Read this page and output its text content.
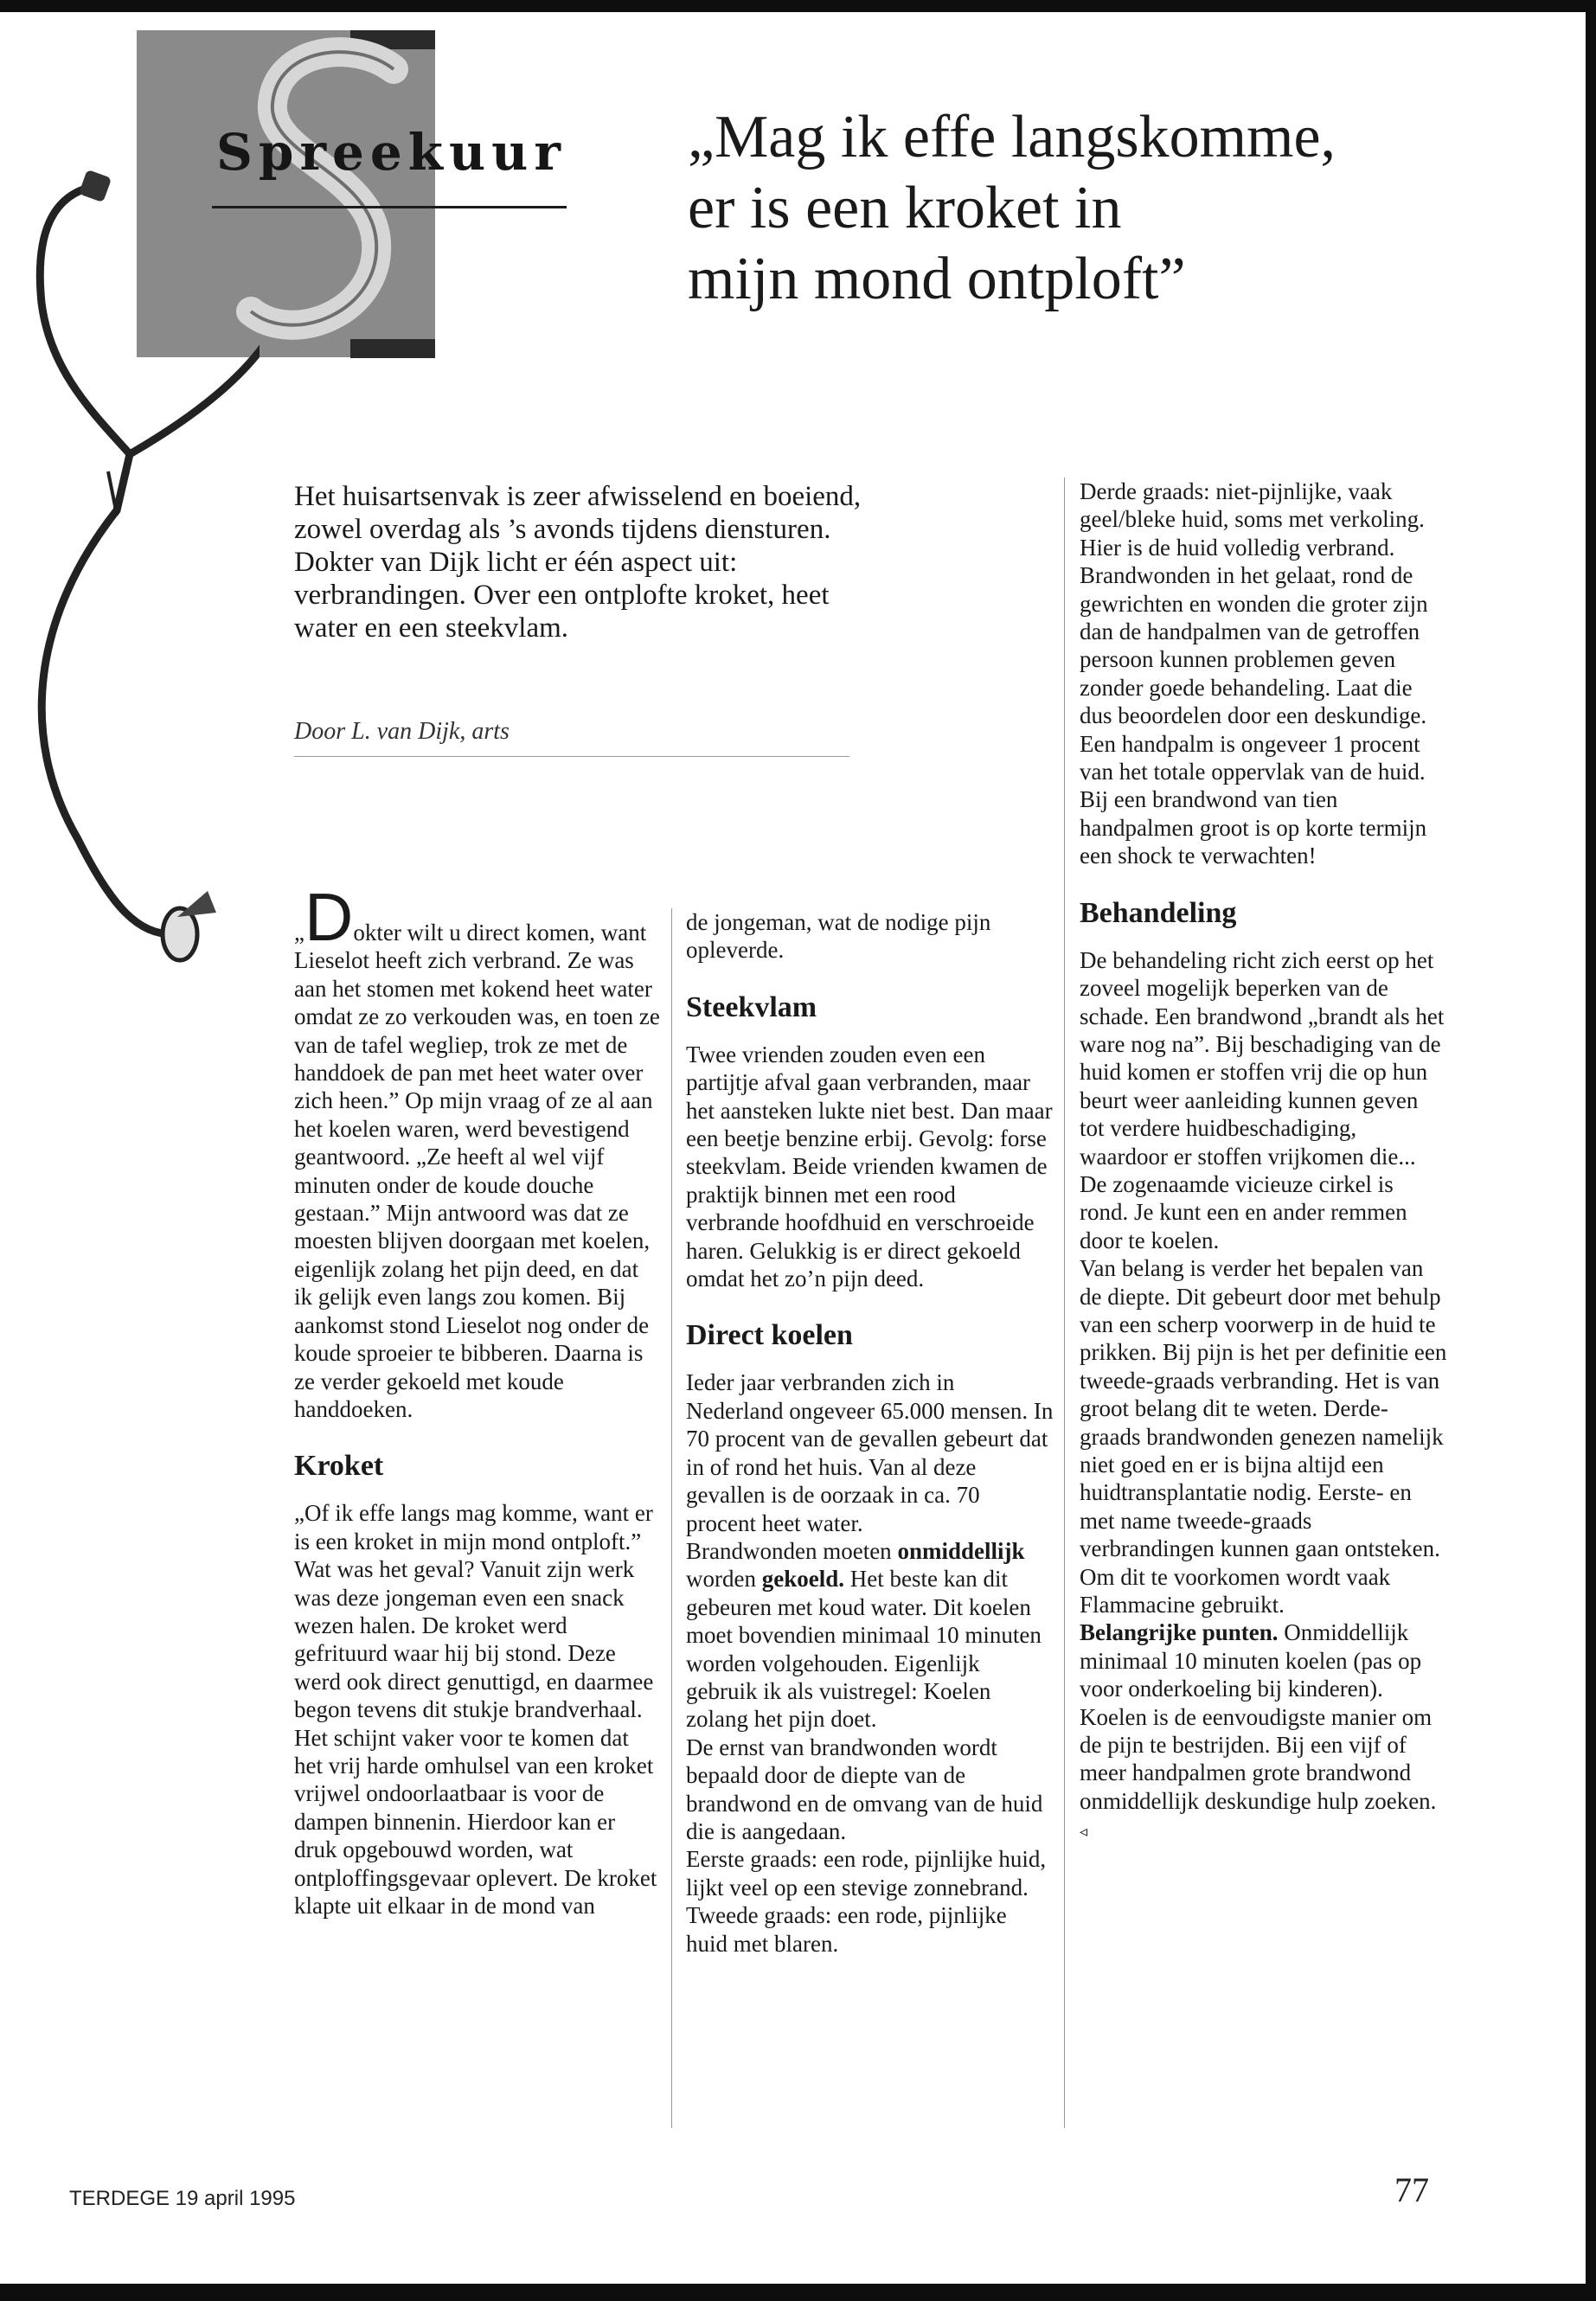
Spreekuur „Mag ik effe langskomme,
er is een kroket in
mijn mond ontploft”

Het huisartsenvak is zeer afwisselend en boeiend, zowel overdag als ’s avonds tijdens diensturen. Dokter van Dijk licht er één aspect uit: verbrandingen. Over een ontplofte kroket, heet water en een steekvlam.

Door L. van Dijk, arts

„Dokter wilt u direct komen, want Lieselot heeft zich verbrand. Ze was aan het stomen met kokend heet water omdat ze zo verkouden was, en toen ze van de tafel wegliep, trok ze met de handdoek de pan met heet water over zich heen.” Op mijn vraag of ze al aan het koelen waren, werd bevestigend geantwoord. „Ze heeft al wel vijf minuten onder de koude douche gestaan.” Mijn antwoord was dat ze moesten blijven doorgaan met koelen, eigenlijk zolang het pijn deed, en dat ik gelijk even langs zou komen. Bij aankomst stond Lieselot nog onder de koude sproeier te bibberen. Daarna is ze verder gekoeld met koude handdoeken.

Kroket

„Of ik effe langs mag komme, want er is een kroket in mijn mond ontploft.” Wat was het geval? Vanuit zijn werk was deze jongeman even een snack wezen halen. De kroket werd gefrituurd waar hij bij stond. Deze werd ook direct genuttigd, en daarmee begon tevens dit stukje brandverhaal. Het schijnt vaker voor te komen dat het vrij harde omhulsel van een kroket vrijwel ondoorlaatbaar is voor de dampen binnenin. Hierdoor kan er druk opgebouwd worden, wat ontploffingsgevaar oplevert. De kroket klapte uit elkaar in de mond van

de jongeman, wat de nodige pijn opleverde.

Steekvlam

Twee vrienden zouden even een partijtje afval gaan verbranden, maar het aansteken lukte niet best. Dan maar een beetje benzine erbij. Gevolg: forse steekvlam. Beide vrienden kwamen de praktijk binnen met een rood verbrande hoofdhuid en verschroeide haren. Gelukkig is er direct gekoeld omdat het zo’n pijn deed.

Direct koelen

Ieder jaar verbranden zich in Nederland ongeveer 65.000 mensen. In 70 procent van de gevallen gebeurt dat in of rond het huis. Van al deze gevallen is de oorzaak in ca. 70 procent heet water.

Brandwonden moeten onmiddellijk worden gekoeld. Het beste kan dit gebeuren met koud water. Dit koelen moet bovendien minimaal 10 minuten worden volgehouden. Eigenlijk gebruik ik als vuistregel: Koelen zolang het pijn doet.

De ernst van brandwonden wordt bepaald door de diepte van de brandwond en de omvang van de huid die is aangedaan.

Eerste graads: een rode, pijnlijke huid, lijkt veel op een stevige zonnebrand.

Tweede graads: een rode, pijnlijke huid met blaren.

Derde graads: niet-pijnlijke, vaak geel/bleke huid, soms met verkoling. Hier is de huid volledig verbrand.

Brandwonden in het gelaat, rond de gewrichten en wonden die groter zijn dan de handpalmen van de getroffen persoon kunnen problemen geven zonder goede behandeling. Laat die dus beoordelen door een deskundige. Een handpalm is ongeveer 1 procent van het totale oppervlak van de huid. Bij een brandwond van tien handpalmen groot is op korte termijn een shock te verwachten!

Behandeling

De behandeling richt zich eerst op het zoveel mogelijk beperken van de schade. Een brandwond „brandt als het ware nog na”. Bij beschadiging van de huid komen er stoffen vrij die op hun beurt weer aanleiding kunnen geven tot verdere huidbeschadiging, waardoor er stoffen vrijkomen die... De zogenaamde vicieuze cirkel is rond. Je kunt een en ander remmen door te koelen.

Van belang is verder het bepalen van de diepte. Dit gebeurt door met behulp van een scherp voorwerp in de huid te prikken. Bij pijn is het per definitie een tweede-graads verbranding. Het is van groot belang dit te weten. Derde- graads brandwonden genezen namelijk niet goed en er is bijna altijd een huidtransplantatie nodig. Eerste- en met name tweede-graads verbrandingen kunnen gaan ontsteken. Om dit te voorkomen wordt vaak Flammacine gebruikt.

Belangrijke punten. Onmiddellijk minimaal 10 minuten koelen (pas op voor onderkoeling bij kinderen). Koelen is de eenvoudigste manier om de pijn te bestrijden. Bij een vijf of meer handpalmen grote brandwond onmiddellijk deskundige hulp zoeken. ◃

TERDEGE 19 april 1995	77
